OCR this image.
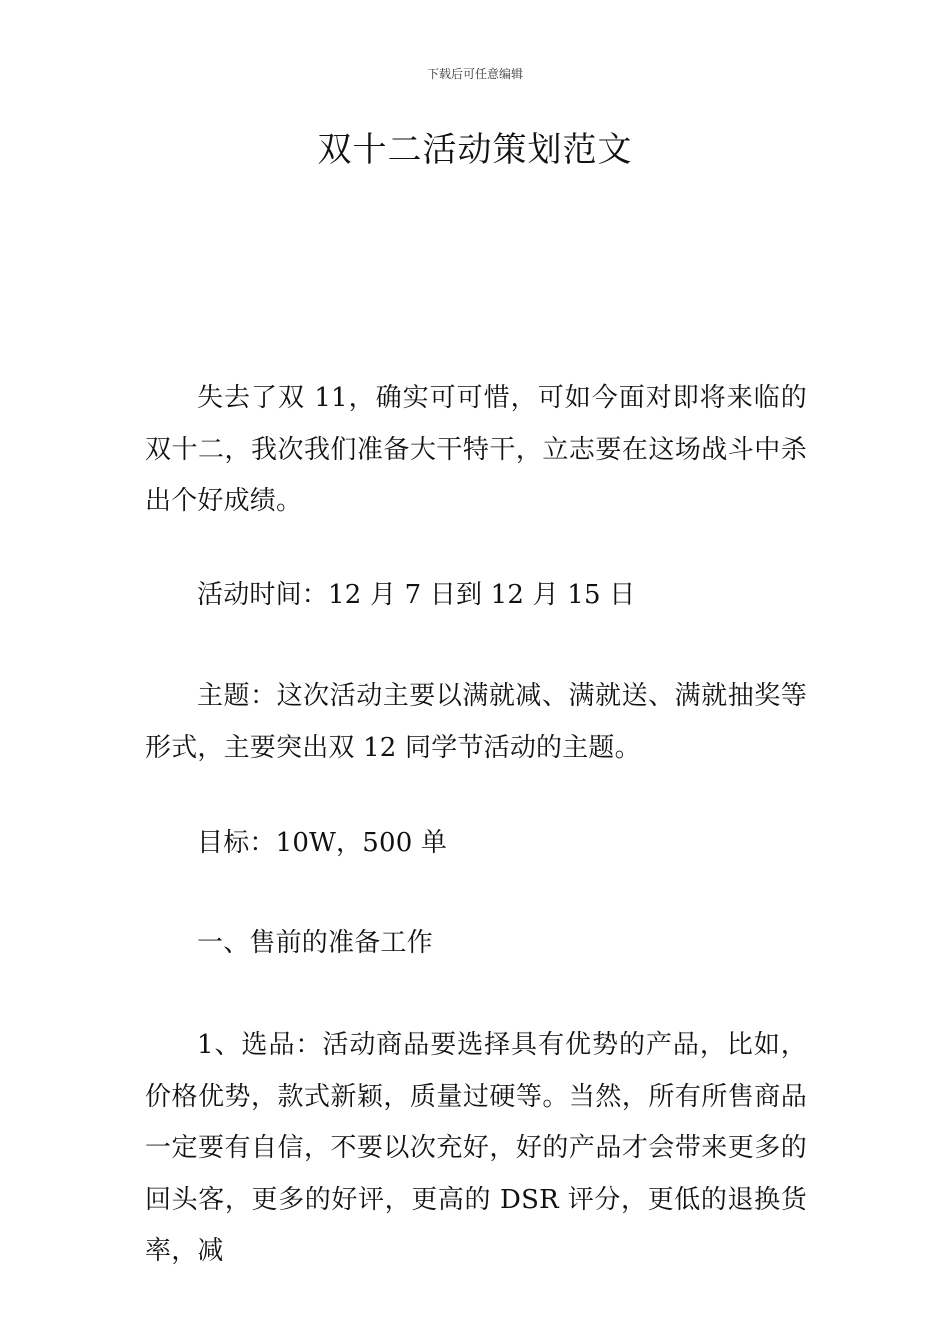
下载后可任意编辑
双十二活动策划范文

失去了双 11，确实可可惜，可如今面对即将来临的双十二，我次我们准备大干特干，立志要在这场战斗中杀出个好成绩。

活动时间：12 月 7 日到 12 月 15 日

主题：这次活动主要以满就减、满就送、满就抽奖等形式，主要突出双 12 同学节活动的主题。

目标：10W，500 单

一、售前的准备工作

1、选品：活动商品要选择具有优势的产品，比如，价格优势，款式新颖，质量过硬等。当然，所有所售商品一定要有自信，不要以次充好，好的产品才会带来更多的回头客，更多的好评，更高的 DSR 评分，更低的退换货率，减
